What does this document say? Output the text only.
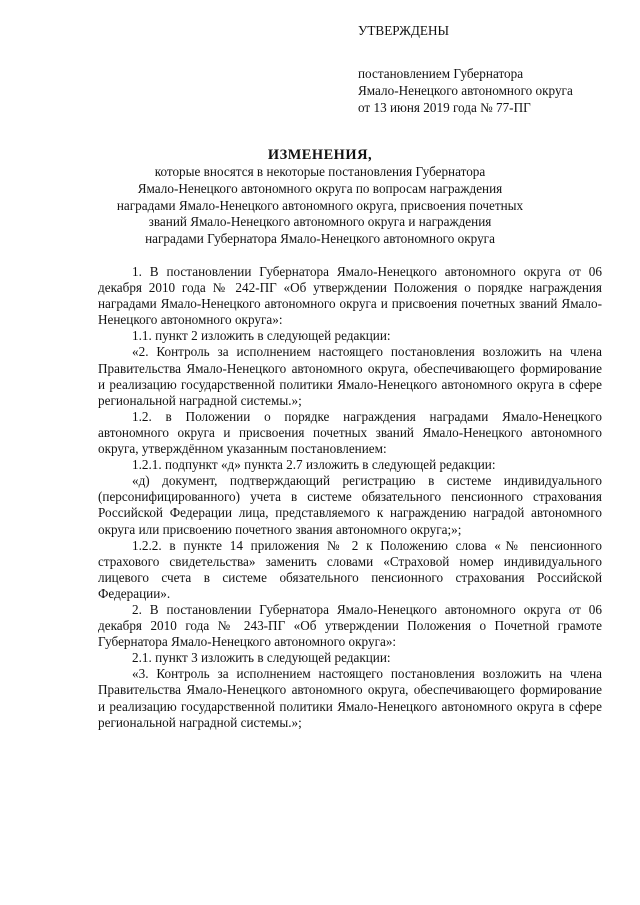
УТВЕРЖДЕНЫ
постановлением Губернатора
Ямало-Ненецкого автономного округа
от 13 июня 2019 года № 77-ПГ
ИЗМЕНЕНИЯ,
которые вносятся в некоторые постановления Губернатора
Ямало-Ненецкого автономного округа по вопросам награждения
наградами Ямало-Ненецкого автономного округа, присвоения почетных
званий Ямало-Ненецкого автономного округа и награждения
наградами Губернатора Ямало-Ненецкого автономного округа

1. В постановлении Губернатора Ямало-Ненецкого автономного округа от 06 декабря 2010 года № 242-ПГ «Об утверждении Положения о порядке награждения наградами Ямало-Ненецкого автономного округа и присвоения почетных званий Ямало-Ненецкого автономного округа»:

1.1. пункт 2 изложить в следующей редакции:

«2. Контроль за исполнением настоящего постановления возложить на члена Правительства Ямало-Ненецкого автономного округа, обеспечивающего формирование и реализацию государственной политики Ямало-Ненецкого автономного округа в сфере региональной наградной системы.»;

1.2. в Положении о порядке награждения наградами Ямало-Ненецкого автономного округа и присвоения почетных званий Ямало-Ненецкого автономного округа, утверждённом указанным постановлением:

1.2.1. подпункт «д» пункта 2.7 изложить в следующей редакции:

«д) документ, подтверждающий регистрацию в системе индивидуального (персонифицированного) учета в системе обязательного пенсионного страхования Российской Федерации лица, представляемого к награждению наградой автономного округа или присвоению почетного звания автономного округа;»;

1.2.2. в пункте 14 приложения № 2 к Положению слова «№ пенсионного страхового свидетельства» заменить словами «Страховой номер индивидуального лицевого счета в системе обязательного пенсионного страхования Российской Федерации».

2. В постановлении Губернатора Ямало-Ненецкого автономного округа от 06 декабря 2010 года № 243-ПГ «Об утверждении Положения о Почетной грамоте Губернатора Ямало-Ненецкого автономного округа»:

2.1. пункт 3 изложить в следующей редакции:

«3. Контроль за исполнением настоящего постановления возложить на члена Правительства Ямало-Ненецкого автономного округа, обеспечивающего формирование и реализацию государственной политики Ямало-Ненецкого автономного округа в сфере региональной наградной системы.»;
